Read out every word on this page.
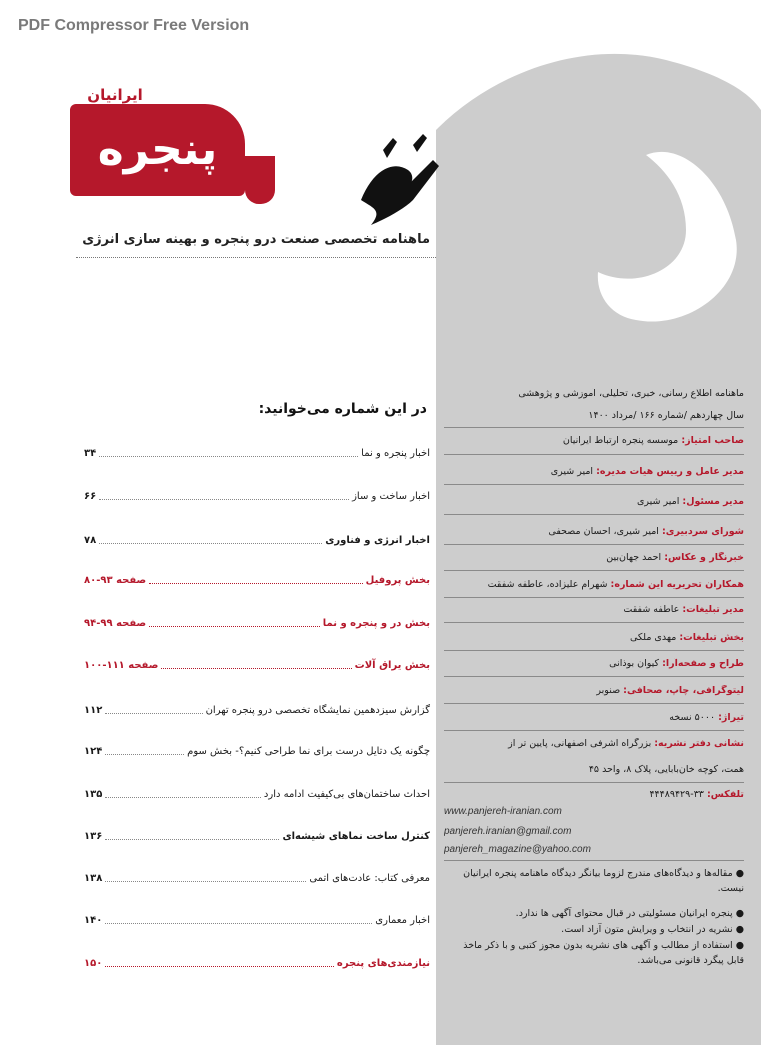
PDF Compressor Free Version
ایرانیان
پنجره
ماهنامه تخصصی صنعت درو پنجره و بهینه سازی انرژی
در این شماره می‌خوانید:
اخبار پنجره و نما
۳۴
اخبار ساخت و ساز
۶۶
اخبار انرژی و فناوری
۷۸
بخش پروفیل
صفحه ۹۳-۸۰
بخش در و پنجره و نما
صفحه ۹۹-۹۴
بخش یراق آلات
صفحه ۱۱۱-۱۰۰
گزارش سیزدهمین نمایشگاه تخصصی درو پنجره تهران
۱۱۲
چگونه یک دتایل درست برای نما طراحی کنیم؟- بخش سوم
۱۲۴
احداث ساختمان‌های بی‌کیفیت ادامه دارد
۱۳۵
کنترل ساخت نماهای شیشه‌ای
۱۳۶
معرفی کتاب: عادت‌های اتمی
۱۳۸
اخبار معماری
۱۴۰
نیازمندی‌های پنجره
۱۵۰
ماهنامه اطلاع رسانی، خبری، تحلیلی، آموزشی و پژوهشی
سال چهاردهم /شماره ۱۶۶ /مرداد ۱۴۰۰
صاحب امتیاز: موسسه پنجره ارتباط ایرانیان
مدیر عامل و رییس هیات مدیره: امیر شیری
مدیر مسئول: امیر شیری
شورای سردبیری: امیر شیری، احسان مصحفی
خبرنگار و عکاس: احمد جهان‌بین
همکاران تحریریه این شماره: شهرام علیزاده، عاطفه شفقت
مدیر تبلیغات: عاطفه شفقت
بخش تبلیغات: مهدی ملکی
طراح و صفحه‌آرا: کیوان بوذانی
لیتوگرافی، چاپ، صحافی: صنوبر
تیراژ: ۵۰۰۰ نسخه
نشانی دفتر نشریه: بزرگراه اشرفی اصفهانی، پایین تر از
همت، کوچه خان‌بابایی، پلاک ۸، واحد ۴۵
تلفکس: ۳۳-۴۴۴۸۹۴۲۹
www.panjereh-iranian.com
panjereh.iranian@gmail.com
panjereh_magazine@yahoo.com
● مقاله‌ها و دیدگاه‌های مندرج لزوما بیانگر دیدگاه ماهنامه پنجره ایرانیان نیست.
● پنجره ایرانیان مسئولیتی در قبال محتوای آگهی ها ندارد.
● نشریه در انتخاب و ویرایش متون آزاد است.
● استفاده از مطالب و آگهی های نشریه بدون مجوز کتبی و با ذکر ماخذ قابل پیگرد قانونی می‌باشد.
